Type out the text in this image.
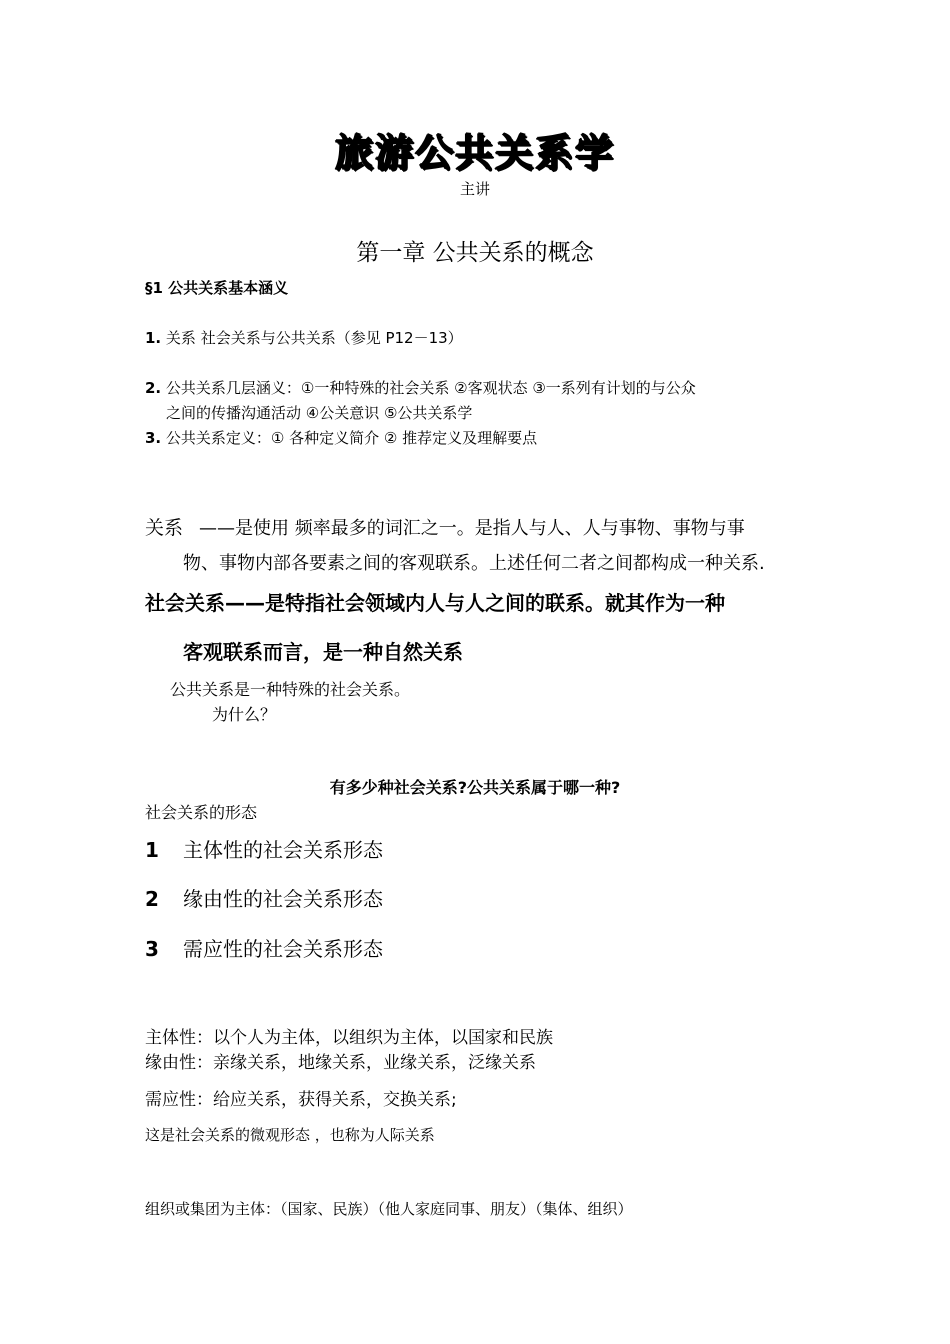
旅游公共关系学
主讲
第一章 公共关系的概念
§1 公共关系基本涵义
1. 关系 社会关系与公共关系（参见 P12－13）
2. 公共关系几层涵义：①一种特殊的社会关系 ②客观状态 ③一系列有计划的与公众
之间的传播沟通活动 ④公关意识 ⑤公共关系学
3. 公共关系定义：① 各种定义简介 ② 推荐定义及理解要点
关系 ——是使用 频率最多的词汇之一。是指人与人、人与事物、事物与事
物、事物内部各要素之间的客观联系。上述任何二者之间都构成一种关系.
社会关系——是特指社会领域内人与人之间的联系。就其作为一种
客观联系而言，是一种自然关系
公共关系是一种特殊的社会关系。
为什么？
有多少种社会关系?公共关系属于哪一种?
社会关系的形态
1 主体性的社会关系形态
2 缘由性的社会关系形态
3 需应性的社会关系形态
主体性：以个人为主体，以组织为主体，以国家和民族
缘由性：亲缘关系，地缘关系，业缘关系，泛缘关系
需应性：给应关系，获得关系，交换关系;
这是社会关系的微观形态 ，也称为人际关系
组织或集团为主体：（国家、民族）（他人家庭同事、朋友）（集体、组织）
